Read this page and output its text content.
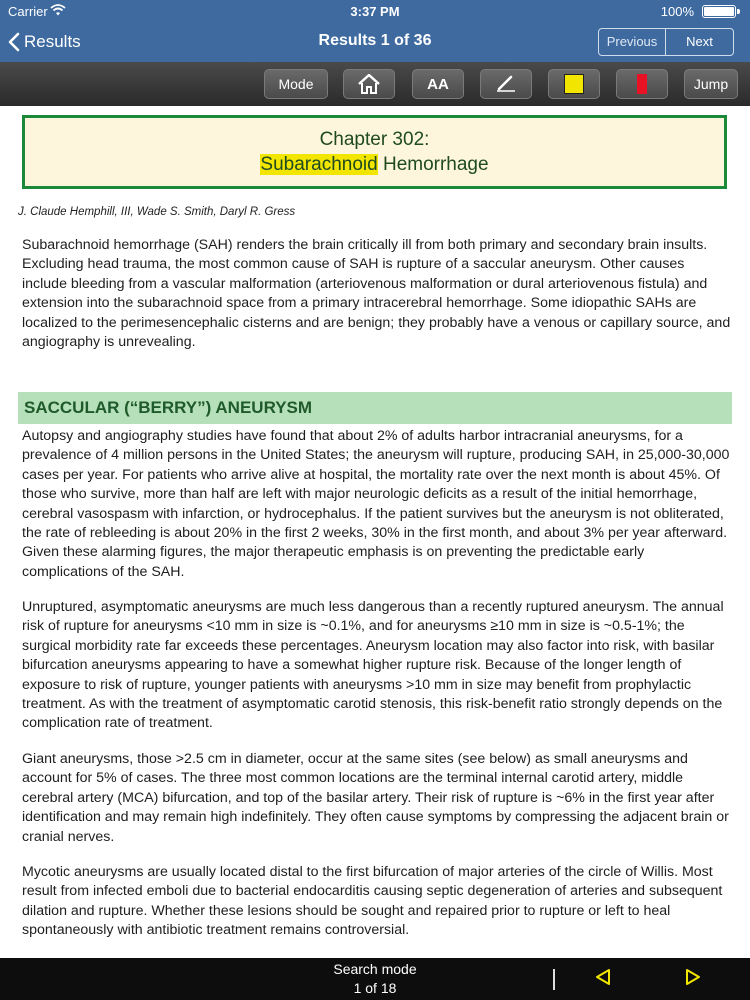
Carrier	3:37 PM	100%
Results	Results 1 of 36	Previous	Next
Mode	AA	Jump
Chapter 302:
Subarachnoid Hemorrhage
J. Claude Hemphill, III, Wade S. Smith, Daryl R. Gress

Subarachnoid hemorrhage (SAH) renders the brain critically ill from both primary and secondary brain insults. Excluding head trauma, the most common cause of SAH is rupture of a saccular aneurysm. Other causes include bleeding from a vascular malformation (arteriovenous malformation or dural arteriovenous fistula) and extension into the subarachnoid space from a primary intracerebral hemorrhage. Some idiopathic SAHs are localized to the perimesencephalic cisterns and are benign; they probably have a venous or capillary source, and angiography is unrevealing.

SACCULAR (“BERRY”) ANEURYSM

Autopsy and angiography studies have found that about 2% of adults harbor intracranial aneurysms, for a prevalence of 4 million persons in the United States; the aneurysm will rupture, producing SAH, in 25,000-30,000 cases per year. For patients who arrive alive at hospital, the mortality rate over the next month is about 45%. Of those who survive, more than half are left with major neurologic deficits as a result of the initial hemorrhage, cerebral vasospasm with infarction, or hydrocephalus. If the patient survives but the aneurysm is not obliterated, the rate of rebleeding is about 20% in the first 2 weeks, 30% in the first month, and about 3% per year afterward. Given these alarming figures, the major therapeutic emphasis is on preventing the predictable early complications of the SAH.

Unruptured, asymptomatic aneurysms are much less dangerous than a recently ruptured aneurysm. The annual risk of rupture for aneurysms <10 mm in size is ~0.1%, and for aneurysms ≥10 mm in size is ~0.5-1%; the surgical morbidity rate far exceeds these percentages. Aneurysm location may also factor into risk, with basilar bifurcation aneurysms appearing to have a somewhat higher rupture risk. Because of the longer length of exposure to risk of rupture, younger patients with aneurysms >10 mm in size may benefit from prophylactic treatment. As with the treatment of asymptomatic carotid stenosis, this risk-benefit ratio strongly depends on the complication rate of treatment.

Giant aneurysms, those >2.5 cm in diameter, occur at the same sites (see below) as small aneurysms and account for 5% of cases. The three most common locations are the terminal internal carotid artery, middle cerebral artery (MCA) bifurcation, and top of the basilar artery. Their risk of rupture is ~6% in the first year after identification and may remain high indefinitely. They often cause symptoms by compressing the adjacent brain or cranial nerves.

Mycotic aneurysms are usually located distal to the first bifurcation of major arteries of the circle of Willis. Most result from infected emboli due to bacterial endocarditis causing septic degeneration of arteries and subsequent dilation and rupture. Whether these lesions should be sought and repaired prior to rupture or left to heal spontaneously with antibiotic treatment remains controversial.

Search mode
1 of 18
